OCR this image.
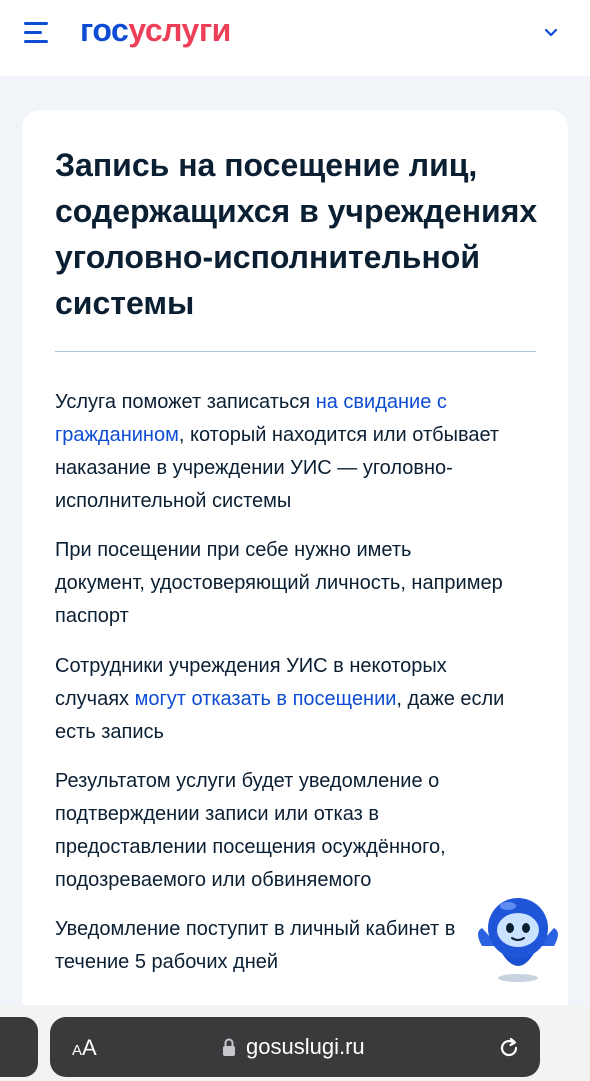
госуслуги
Запись на посещение лиц, содержащихся в учреждениях уголовно-исполнительной системы

Услуга поможет записаться на свидание с гражданином, который находится или отбывает наказание в учреждении УИС — уголовно-исполнительной системы

При посещении при себе нужно иметь документ, удостоверяющий личность, например паспорт

Сотрудники учреждения УИС в некоторых случаях могут отказать в посещении, даже если есть запись

Результатом услуги будет уведомление о подтверждении записи или отказ в предоставлении посещения осуждённого, подозреваемого или обвиняемого

Уведомление поступит в личный кабинет в течение 5 рабочих дней

AA	gosuslugi.ru
